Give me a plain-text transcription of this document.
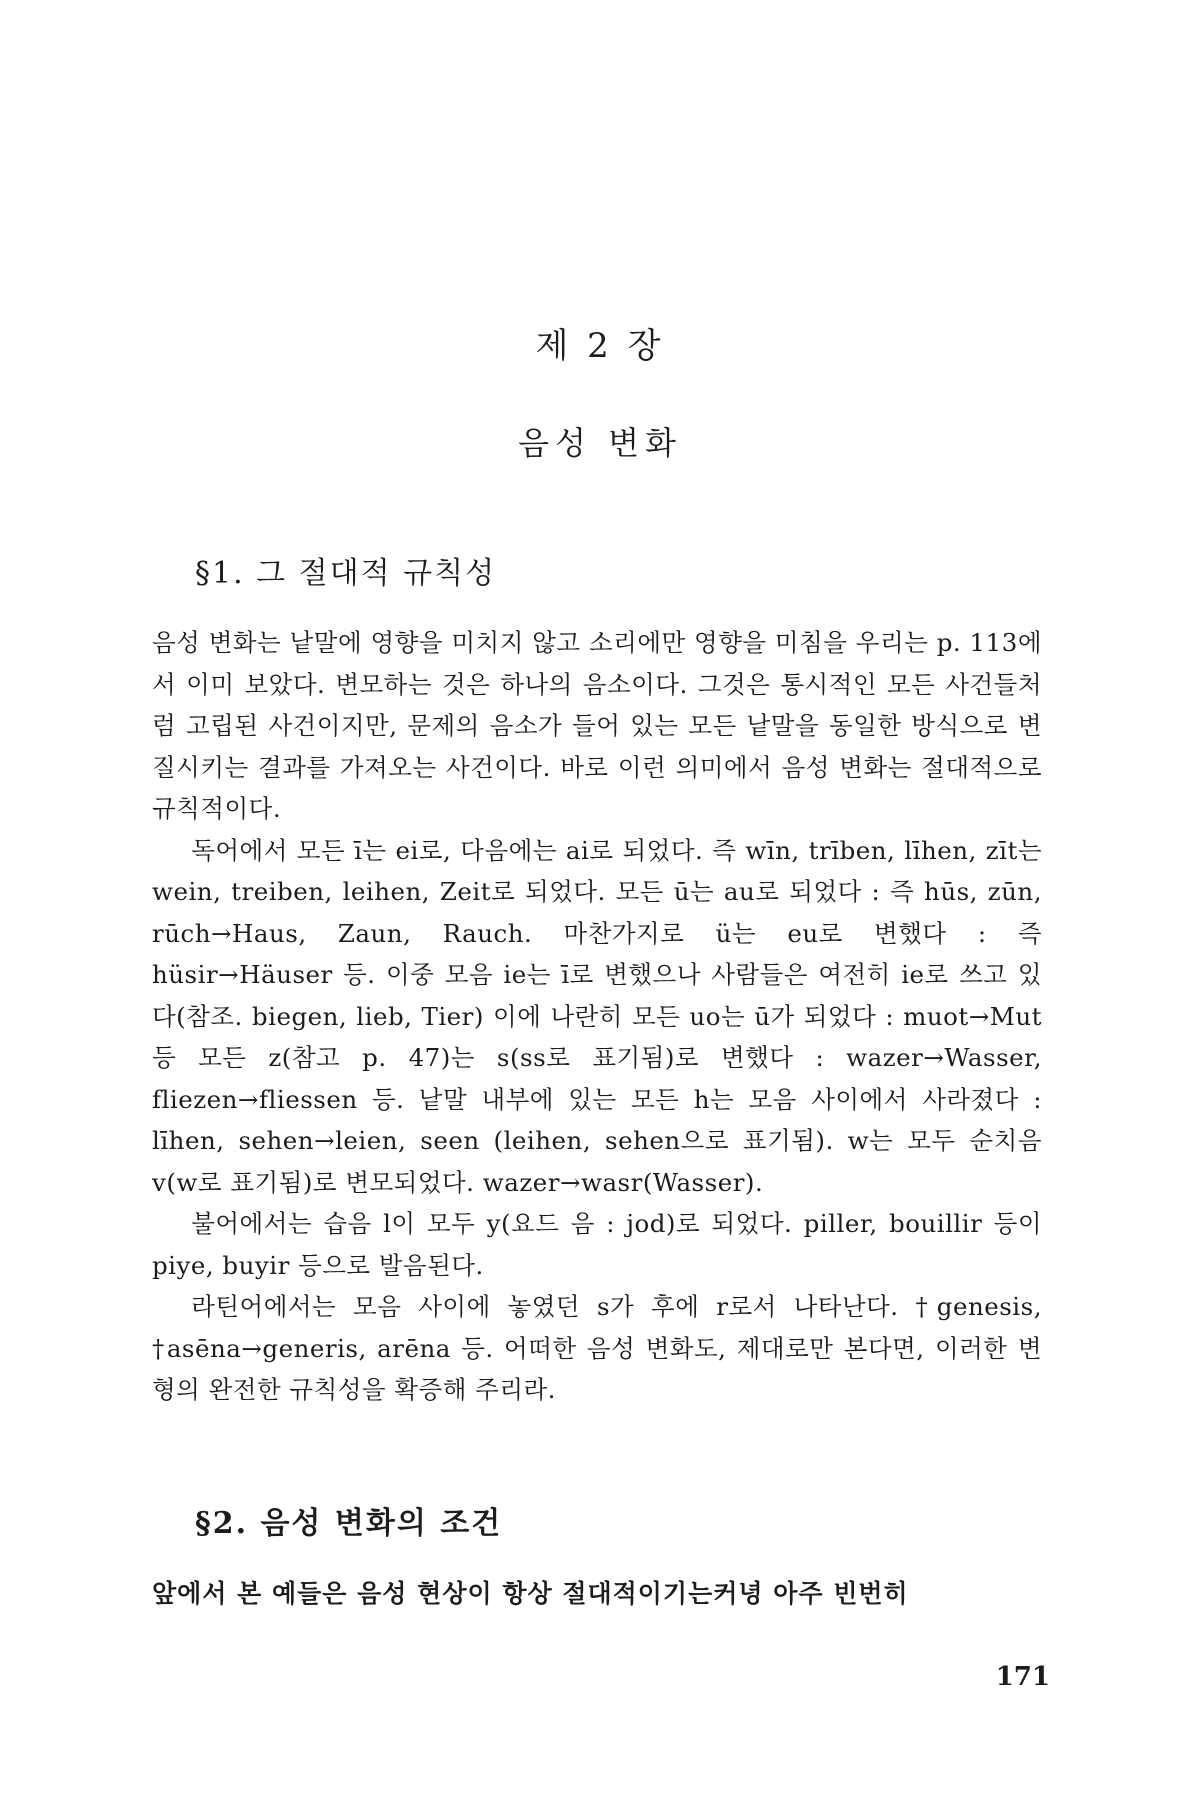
제 2 장
음성 변화
§1. 그 절대적 규칙성

음성 변화는 낱말에 영향을 미치지 않고 소리에만 영향을 미침을 우리는 p. 113에서 이미 보았다. 변모하는 것은 하나의 음소이다. 그것은 통시적인 모든 사건들처럼 고립된 사건이지만, 문제의 음소가 들어 있는 모든 낱말을 동일한 방식으로 변질시키는 결과를 가져오는 사건이다. 바로 이런 의미에서 음성 변화는 절대적으로 규칙적이다.

독어에서 모든 ī는 ei로, 다음에는 ai로 되었다. 즉 wīn, trīben, līhen, zīt는 wein, treiben, leihen, Zeit로 되었다. 모든 ū는 au로 되었다 : 즉 hūs, zūn, rūch→Haus, Zaun, Rauch. 마찬가지로 ü는 eu로 변했다 : 즉 hüsir→Häuser 등. 이중 모음 ie는 ī로 변했으나 사람들은 여전히 ie로 쓰고 있다(참조. biegen, lieb, Tier) 이에 나란히 모든 uo는 ū가 되었다 : muot→Mut 등 모든 z(참고 p. 47)는 s(ss로 표기됨)로 변했다 : wazer→Wasser, fliezen→fliessen 등. 낱말 내부에 있는 모든 h는 모음 사이에서 사라졌다 : līhen, sehen→leien, seen (leihen, sehen으로 표기됨). w는 모두 순치음 v(w로 표기됨)로 변모되었다. wazer→wasr(Wasser).

불어에서는 습음 l이 모두 y(요드 음 : jod)로 되었다. piller, bouillir 등이 piye, buyir 등으로 발음된다.

라틴어에서는 모음 사이에 놓였던 s가 후에 r로서 나타난다. †genesis, †asēna→generis, arēna 등. 어떠한 음성 변화도, 제대로만 본다면, 이러한 변형의 완전한 규칙성을 확증해 주리라.

§2. 음성 변화의 조건
앞에서 본 예들은 음성 현상이 항상 절대적이기는커녕 아주 빈번히
171
